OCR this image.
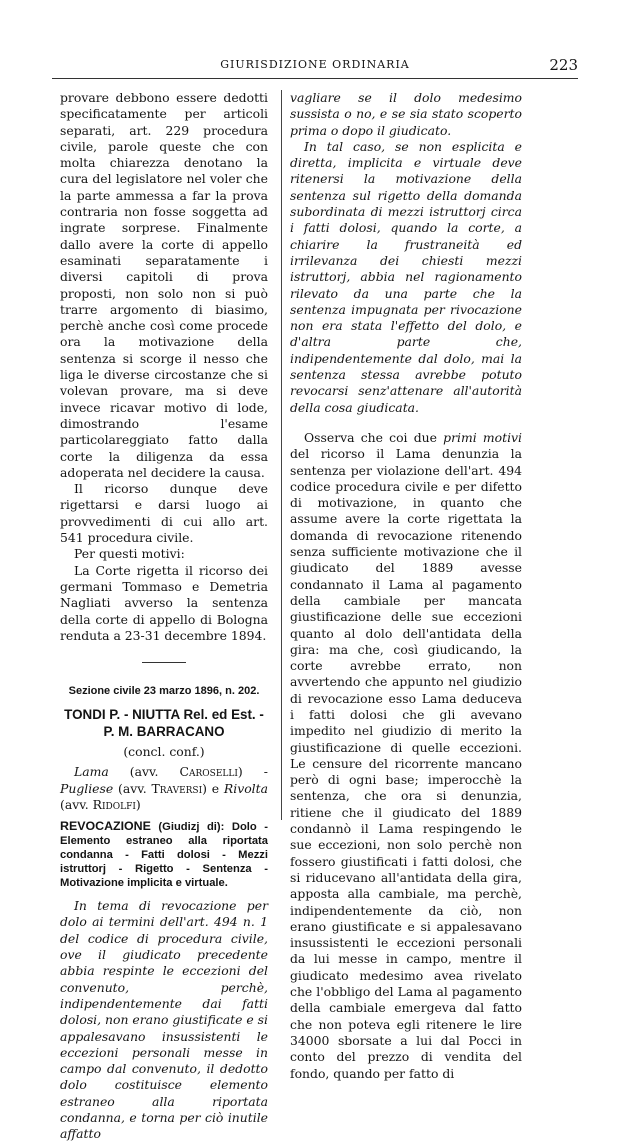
GIURISDIZIONE ORDINARIA	223

provare debbono essere dedotti specificatamente per articoli separati, art. 229 procedura civile, parole queste che con molta chiarezza denotano la cura del legislatore nel voler che la parte ammessa a far la prova contraria non fosse soggetta ad ingrate sorprese. Finalmente dallo avere la corte di appello esaminati separatamente i diversi capitoli di prova proposti, non solo non si può trarre argomento di biasimo, perchè anche così come procede ora la motivazione della sentenza si scorge il nesso che liga le diverse circostanze che si volevan provare, ma si deve invece ricavar motivo di lode, dimostrando l'esame particolareggiato fatto dalla corte la diligenza da essa adoperata nel decidere la causa.

Il ricorso dunque deve rigettarsi e darsi luogo ai provvedimenti di cui allo art. 541 procedura civile.

Per questi motivi:

La Corte rigetta il ricorso dei germani Tommaso e Demetria Nagliati avverso la sentenza della corte di appello di Bologna renduta a 23-31 decembre 1894.

Sezione civile 23 marzo 1896, n. 202.

TONDI P. - NIUTTA Rel. ed Est. - P. M. BARRACANO

(concl. conf.)

Lama (avv. Caroselli) - Pugliese (avv. Traversi) e Rivolta (avv. Ridolfi)

REVOCAZIONE (Giudizj di): Dolo - Elemento estraneo alla riportata condanna - Fatti dolosi - Mezzi istruttorj - Rigetto - Sentenza - Motivazione implicita e virtuale.

In tema di revocazione per dolo ai termini dell'art. 494 n. 1 del codice di procedura civile, ove il giudicato precedente abbia respinte le eccezioni del convenuto, perchè, indipendentemente dai fatti dolosi, non erano giustificate e si appalesavano insussistenti le eccezioni personali messe in campo dal convenuto, il dedotto dolo costituisce elemento estraneo alla riportata condanna, e torna per ciò inutile affatto

vagliare se il dolo medesimo sussista o no, e se sia stato scoperto prima o dopo il giudicato.

In tal caso, se non esplicita e diretta, implicita e virtuale deve ritenersi la motivazione della sentenza sul rigetto della domanda subordinata di mezzi istruttorj circa i fatti dolosi, quando la corte, a chiarire la frustraneità ed irrilevanza dei chiesti mezzi istruttorj, abbia nel ragionamento rilevato da una parte che la sentenza impugnata per rivocazione non era stata l'effetto del dolo, e d'altra parte che, indipendentemente dal dolo, mai la sentenza stessa avrebbe potuto revocarsi senz'attenare all'autorità della cosa giudicata.

Osserva che coi due primi motivi del ricorso il Lama denunzia la sentenza per violazione dell'art. 494 codice procedura civile e per difetto di motivazione, in quanto che assume avere la corte rigettata la domanda di revocazione ritenendo senza sufficiente motivazione che il giudicato del 1889 avesse condannato il Lama al pagamento della cambiale per mancata giustificazione delle sue eccezioni quanto al dolo dell'antidata della gira: ma che, così giudicando, la corte avrebbe errato, non avvertendo che appunto nel giudizio di revocazione esso Lama deduceva i fatti dolosi che gli avevano impedito nel giudizio di merito la giustificazione di quelle eccezioni. Le censure del ricorrente mancano però di ogni base; imperocchè la sentenza, che ora si denunzia, ritiene che il giudicato del 1889 condannò il Lama respingendo le sue eccezioni, non solo perchè non fossero giustificati i fatti dolosi, che si riducevano all'antidata della gira, apposta alla cambiale, ma perchè, indipendentemente da ciò, non erano giustificate e si appalesavano insussistenti le eccezioni personali da lui messe in campo, mentre il giudicato medesimo avea rivelato che l'obbligo del Lama al pagamento della cambiale emergeva dal fatto che non poteva egli ritenere le lire 34000 sborsate a lui dal Pocci in conto del prezzo di vendita del fondo, quando per fatto di
